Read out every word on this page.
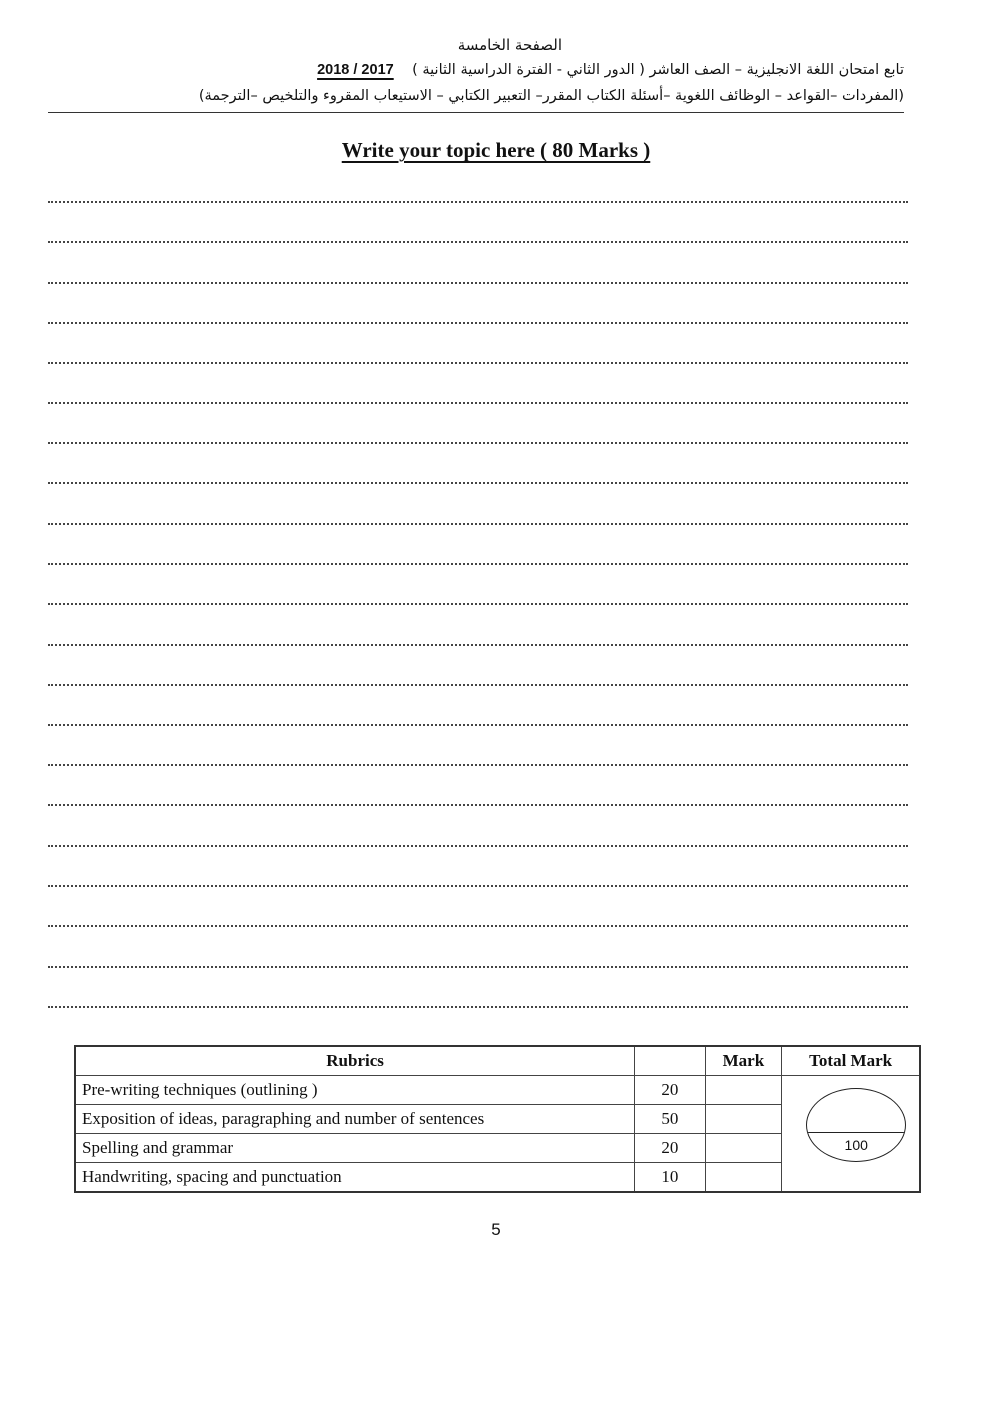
الصفحة الخامسة
تابع امتحان اللغة الانجليزية – الصف العاشر ( الدور الثاني - الفترة الدراسية الثانية )    2018 / 2017
(المفردات –القواعد – الوظائف اللغوية –أسئلة الكتاب المقرر– التعبير الكتابي – الاستيعاب المقروء والتلخيص –الترجمة)
Write your topic here ( 80 Marks )
Rubrics		Mark	Total Mark
Pre-writing techniques (outlining )	20		100

Exposition of ideas, paragraphing and number of sentences	50		
Spelling and grammar	20		
Handwriting, spacing and punctuation	10		
5
